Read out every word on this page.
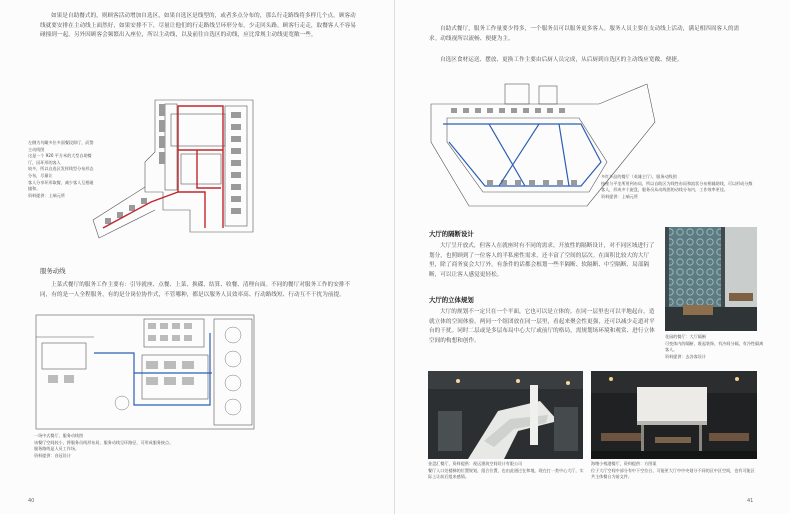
如果是自助餐式的，则顾客活动增加自选区，如果自选区是线型的，或者多点分布的，那么行走路线将多样几个点。顾客动线就要安排在主动线上面然好，如果安排不下，尽量让他们的行走路线呈环形分布，少走回头路。顾客行走走，取餐客人不容易碰撞到一起。另外因顾客会频繁出入座位，所以主动线，以及前往自选区的动线，应比常规主动线更宽敞一些。

左侧为鸟瞰多位多面餐段即厅，而警主动线图
这是一个 920 平方米的大型自助餐厅，因环形的客人
较多，所以自选区发挥线型分布形态分布，尽量让
客人分享环形取餐，减少客人互相碰撞和。
资料提供：上端元所

服务动线

上菜式餐厅的服务工作主要有：引导就座、点餐、上菜、换碟、结算、收餐、清理台面。不同的餐厅对服务工作的安排不同，有的是一人全程服务，有的是分岗位协作式，不管哪种，都是以服务人员效率高、行动路线短、行动互不干扰为前提。

一场中式餐厅，服务动线图
该餐厅空间较小，将服务员线形布局，服务动线呈环路径，可形成服务接点。
服务路线是人员工作场。
资料提供：音冠设计

40

自助式餐厅，服务工作量要少得多，一个服务员可以服务更多客人。服务人员主要在支动线上活动，满足相四周客人的需求。动线视所以流畅、便捷为主。

自选区食材运送、摆放、更换工作主要由后厨人员完成，从后厨到自选区的主动线应宽敞、便捷。

多红多品的餐厅（英雄主厅），服务动线图
按座与平坐所用到布局，所以自助区为线性布局和流状分布相辅助线，可以形成分散
客人，形成多个旋盘，服务员从动线图的动线分布内，工作效率更佳。
资料提供：上端元所

大厅的隔断设计

大厅呈开放式，但客人在就座时有不同的需求。开放性的隔断设计，对不同区域进行了划分，也照顾到了一位客人的半私密性需求，还丰富了空间的层次。在面积比较大的大厅里，除了商务宴会大厅外，有条件的话都会根划一些半隔断、软隔断、中空隔断、局部隔断，可以让客人感觉更轻松。

大厅的立体规划

大厅的规划不一定只在一个平面，它也可以是立体的。在同一层里也可以平地起台，造就立体的空间体验。两同一个组团放在同一层里，看起来聚会性更强，还可以减少走道对平台的干扰。同时二层或是多层布局中心大厅或前厅的格局，需规划场环境和观赏、进行立体空间的构想和创作。

花园的餐厅：大厅隔断
可变体内的隔断，既起装饰，有冷间分隔，有冷性隔离客人。
资料提供：去各客设计

金盘汇餐厅，资料提供：视远建筑空间设计有限公司
餐厅入口处楼梯的位置规划，组合位置，也由此通过在和地，现在打一类中心大厅，实际上让前后组来感情。

海塘小栈港餐厅，资料提供：方图案
位于大厅空间中部分有中下空位台，可能更大厅中中央划分不同的区中区空间，也有可能区共主体餐台为前文件。

41
